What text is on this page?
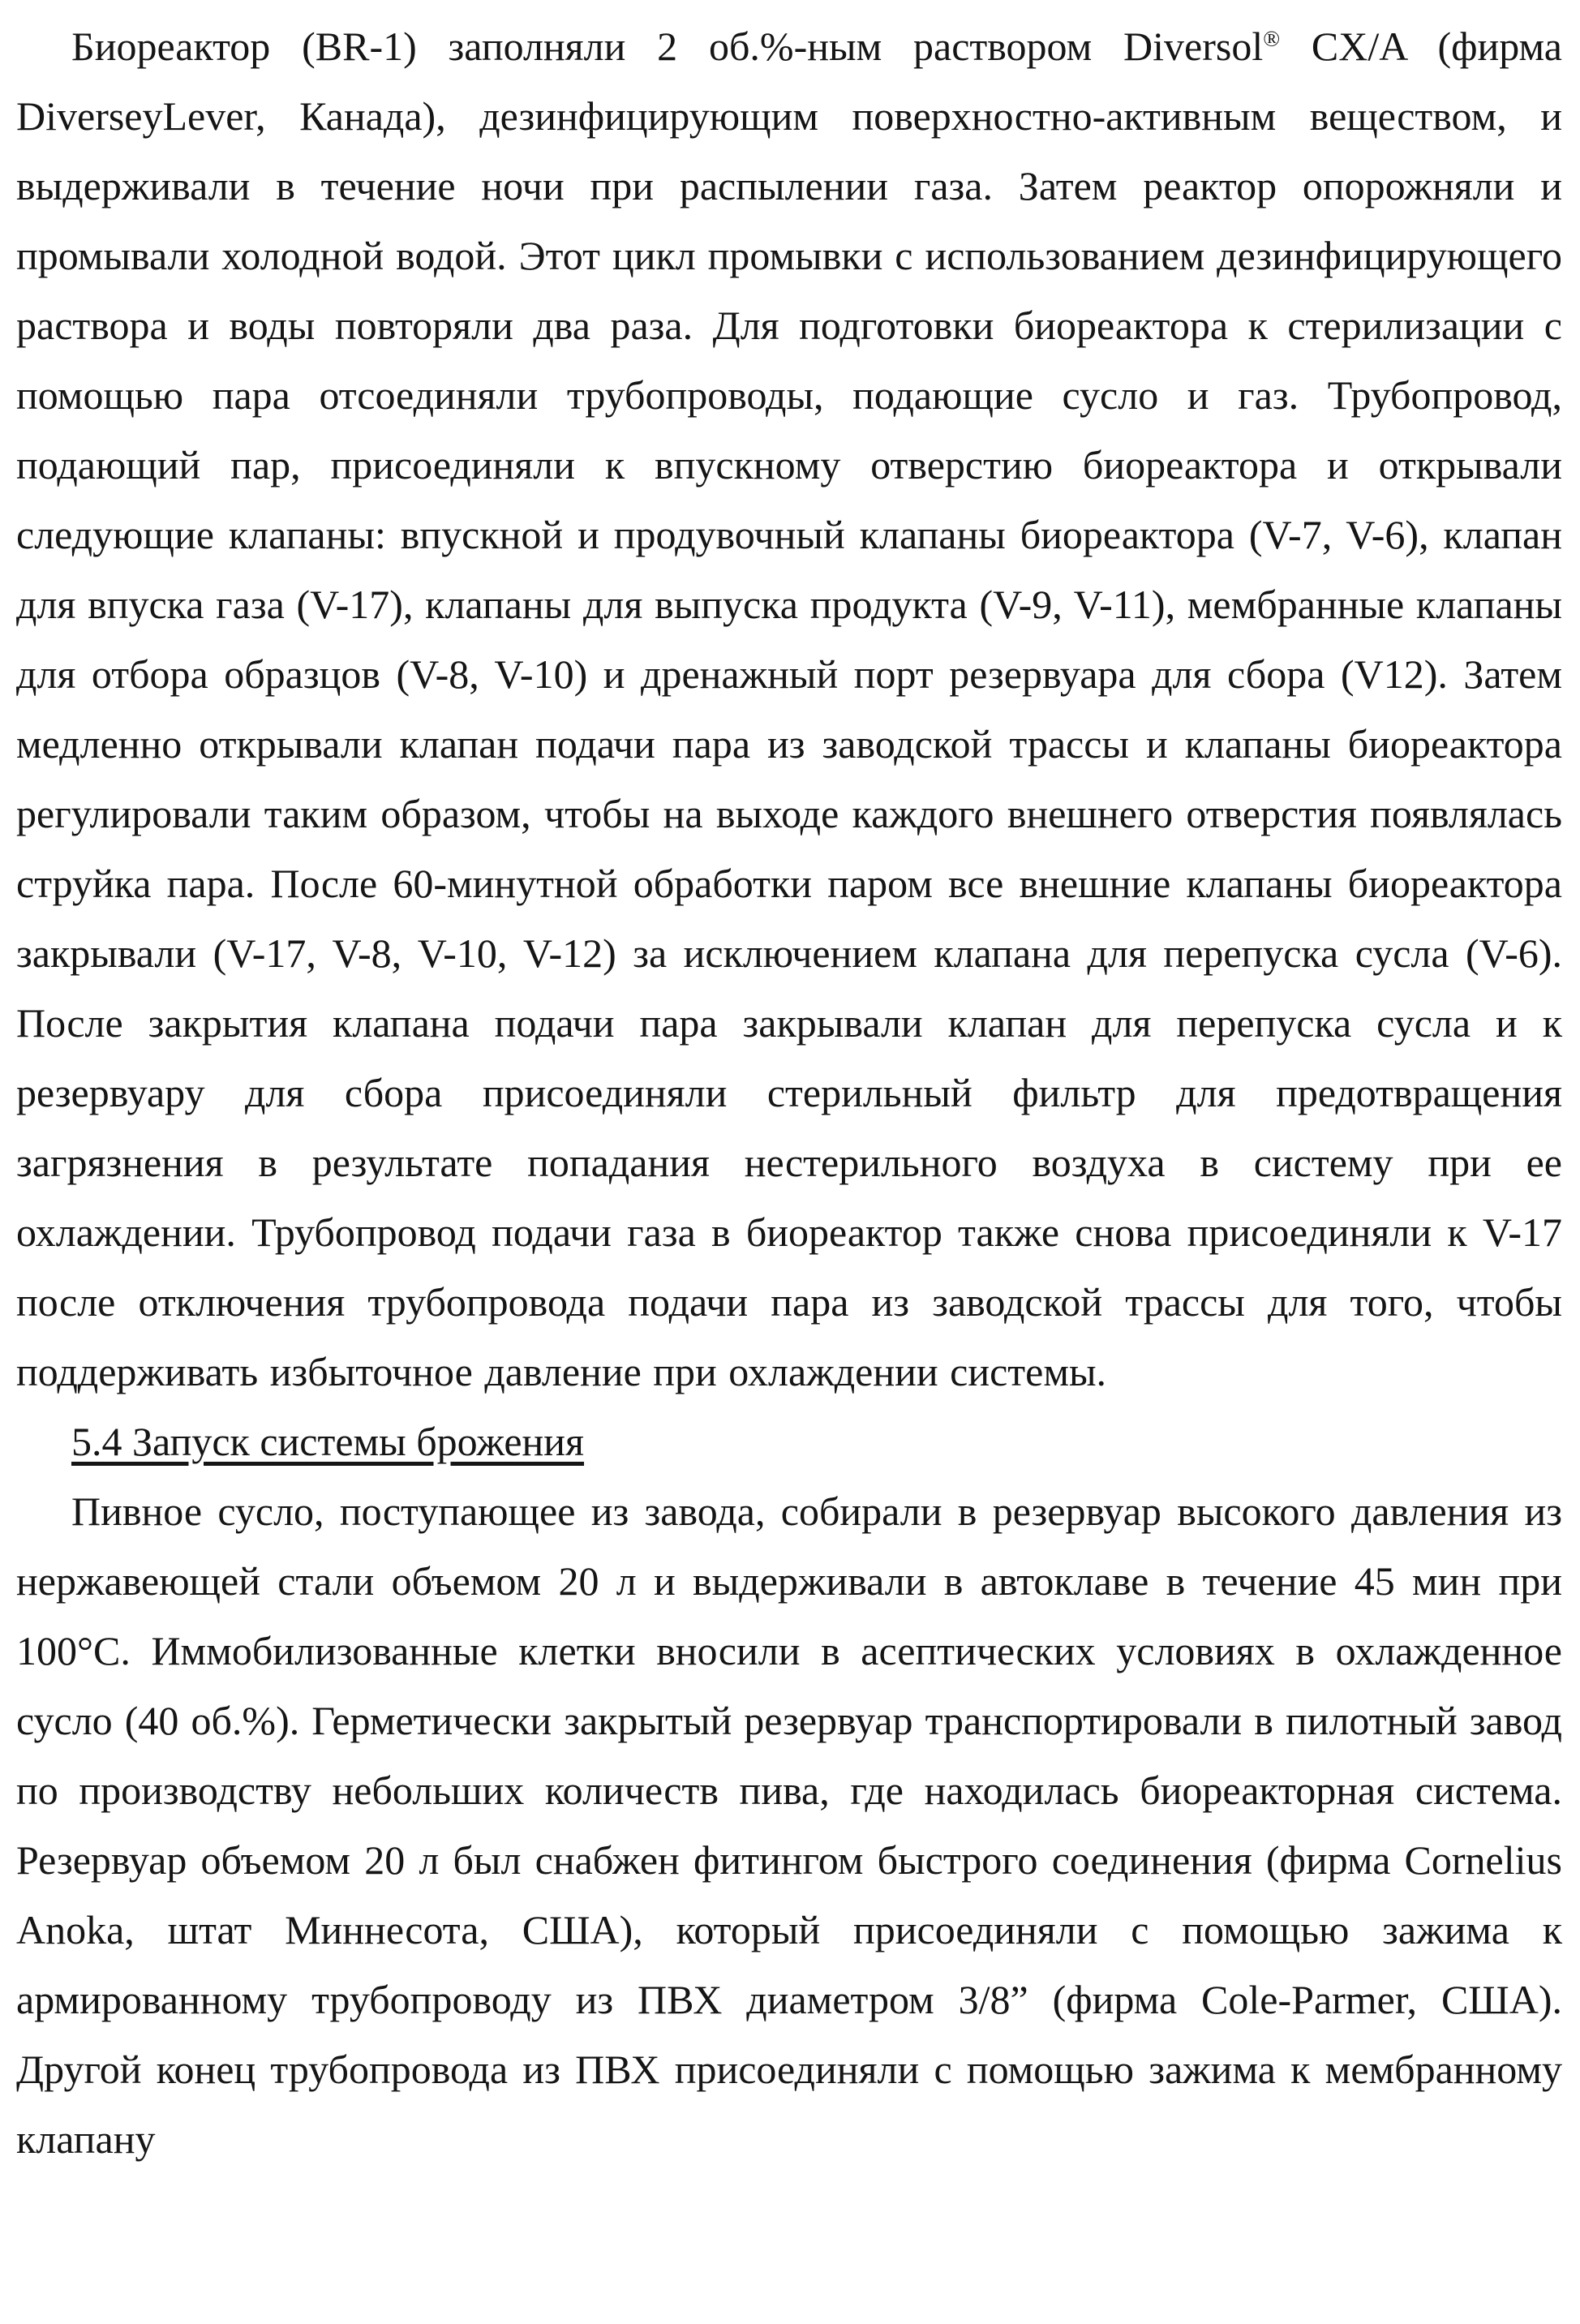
Биореактор (BR-1) заполняли 2 об.%-ным раствором Diversol® CX/A (фирма DiverseyLever, Канада), дезинфицирующим поверхностно-активным веществом, и выдерживали в течение ночи при распылении газа. Затем реактор опорожняли и промывали холодной водой. Этот цикл промывки с использованием дезинфицирующего раствора и воды повторяли два раза. Для подготовки биореактора к стерилизации с помощью пара отсоединяли трубопроводы, подающие сусло и газ. Трубопровод, подающий пар, присоединяли к впускному отверстию биореактора и открывали следующие клапаны: впускной и продувочный клапаны биореактора (V-7, V-6), клапан для впуска газа (V-17), клапаны для выпуска продукта (V-9, V-11), мембранные клапаны для отбора образцов (V-8, V-10) и дренажный порт резервуара для сбора (V12). Затем медленно открывали клапан подачи пара из заводской трассы и клапаны биореактора регулировали таким образом, чтобы на выходе каждого внешнего отверстия появлялась струйка пара. После 60-минутной обработки паром все внешние клапаны биореактора закрывали (V-17, V-8, V-10, V-12) за исключением клапана для перепуска сусла (V-6). После закрытия клапана подачи пара закрывали клапан для перепуска сусла и к резервуару для сбора присоединяли стерильный фильтр для предотвращения загрязнения в результате попадания нестерильного воздуха в систему при ее охлаждении. Трубопровод подачи газа в биореактор также снова присоединяли к V-17 после отключения трубопровода подачи пара из заводской трассы для того, чтобы поддерживать избыточное давление при охлаждении системы.

5.4 Запуск системы брожения

Пивное сусло, поступающее из завода, собирали в резервуар высокого давления из нержавеющей стали объемом 20 л и выдерживали в автоклаве в течение 45 мин при 100°C. Иммобилизованные клетки вносили в асептических условиях в охлажденное сусло (40 об.%). Герметически закрытый резервуар транспортировали в пилотный завод по производству небольших количеств пива, где находилась биореакторная система. Резервуар объемом 20 л был снабжен фитингом быстрого соединения (фирма Cornelius Anoka, штат Миннесота, США), который присоединяли с помощью зажима к армированному трубопроводу из ПВХ диаметром 3/8” (фирма Cole-Parmer, США). Другой конец трубопровода из ПВХ присоединяли с помощью зажима к мембранному клапану
